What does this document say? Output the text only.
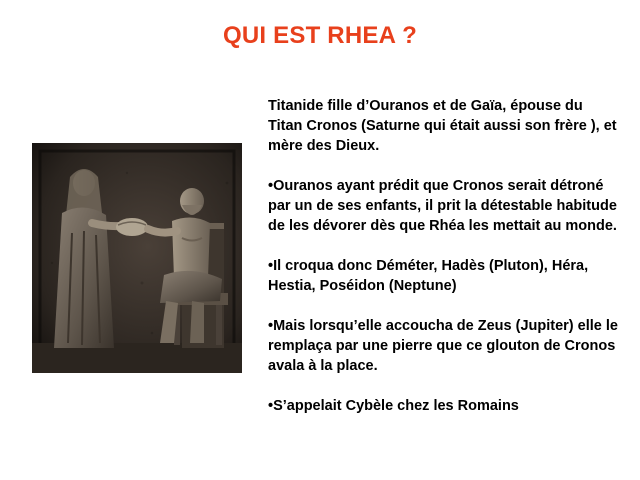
QUI EST RHEA ?

Titanide fille d’Ouranos et de Gaïa, épouse du Titan Cronos (Saturne qui était aussi son frère ), et mère des Dieux.

•Ouranos ayant prédit que Cronos serait détroné par un de ses enfants, il prit la détestable habitude de les dévorer dès que Rhéa les mettait au monde.

•Il croqua donc Déméter, Hadès (Pluton), Héra, Hestia, Poséidon (Neptune)

•Mais lorsqu’elle accoucha de Zeus (Jupiter) elle le remplaça par une pierre que ce glouton de Cronos avala à la place.

•S’appelait Cybèle chez les Romains
